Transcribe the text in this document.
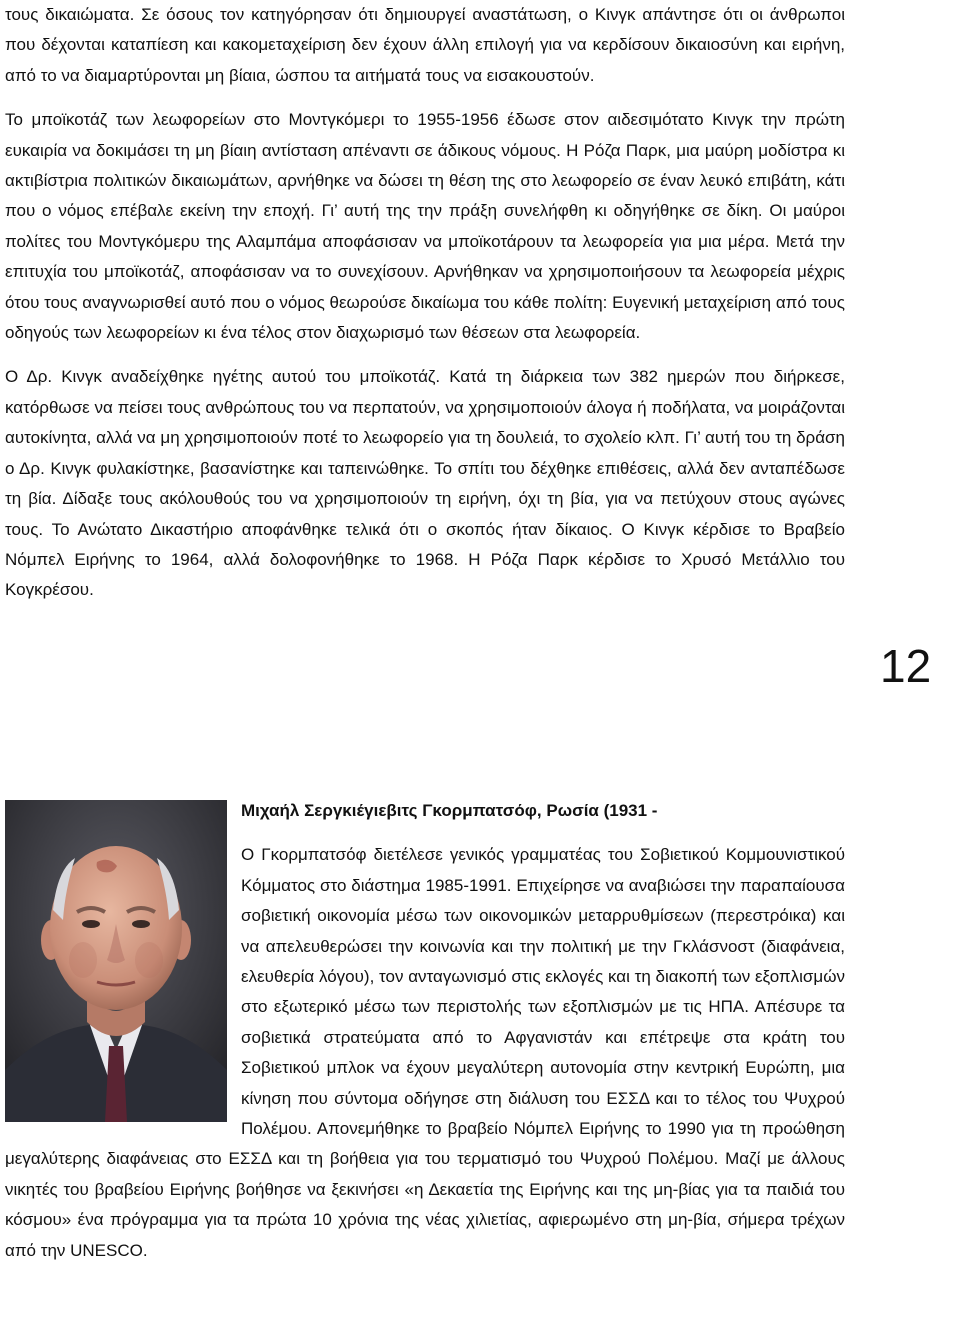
τους δικαιώματα. Σε όσους τον κατηγόρησαν ότι δημιουργεί αναστάτωση, ο Κινγκ απάντησε ότι οι άνθρωποι που δέχονται καταπίεση και κακομεταχείριση δεν έχουν άλλη επιλογή για να κερδίσουν δικαιοσύνη και ειρήνη, από το να διαμαρτύρονται μη βίαια, ώσπου τα αιτήματά τους να εισακουστούν.

Το μποϊκοτάζ των λεωφορείων στο Μοντγκόμερι το 1955-1956 έδωσε στον αιδεσιμότατο Κινγκ την πρώτη ευκαιρία να δοκιμάσει τη μη βίαιη αντίσταση απέναντι σε άδικους νόμους. Η Ρόζα Παρκ, μια μαύρη μοδίστρα κι ακτιβίστρια πολιτικών δικαιωμάτων, αρνήθηκε να δώσει τη θέση της στο λεωφορείο σε έναν λευκό επιβάτη, κάτι που ο νόμος επέβαλε εκείνη την εποχή. Γι’ αυτή της την πράξη συνελήφθη κι οδηγήθηκε σε δίκη. Οι μαύροι πολίτες του Μοντγκόμερυ της Αλαμπάμα αποφάσισαν να μποϊκοτάρουν τα λεωφορεία για μια μέρα. Μετά την επιτυχία του μποϊκοτάζ, αποφάσισαν να το συνεχίσουν. Αρνήθηκαν να χρησιμοποιήσουν τα λεωφορεία μέχρις ότου τους αναγνωρισθεί αυτό που ο νόμος θεωρούσε δικαίωμα του κάθε πολίτη: Ευγενική μεταχείριση από τους οδηγούς των λεωφορείων κι ένα τέλος στον διαχωρισμό των θέσεων στα λεωφορεία.

Ο Δρ. Κινγκ αναδείχθηκε ηγέτης αυτού του μποϊκοτάζ. Κατά τη διάρκεια των 382 ημερών που διήρκεσε, κατόρθωσε να πείσει τους ανθρώπους του να περπατούν, να χρησιμοποιούν άλογα ή ποδήλατα, να μοιράζονται αυτοκίνητα, αλλά να μη χρησιμοποιούν ποτέ το λεωφορείο για τη δουλειά, το σχολείο κλπ. Γι’ αυτή του τη δράση ο Δρ. Κινγκ φυλακίστηκε, βασανίστηκε και ταπεινώθηκε. Το σπίτι του δέχθηκε επιθέσεις, αλλά δεν ανταπέδωσε τη βία. Δίδαξε τους ακόλουθούς του να χρησιμοποιούν τη ειρήνη, όχι τη βία, για να πετύχουν στους αγώνες τους. Το Ανώτατο Δικαστήριο αποφάνθηκε τελικά ότι ο σκοπός ήταν δίκαιος. Ο Κινγκ κέρδισε το Βραβείο Νόμπελ Ειρήνης το 1964, αλλά δολοφονήθηκε το 1968. Η Ρόζα Παρκ κέρδισε το Χρυσό Μετάλλιο του Κογκρέσου.

12
Μιχαήλ Σεργκιέγιεβιτς Γκορμπατσόφ, Ρωσία (1931 -

Ο Γκορμπατσόφ διετέλεσε γενικός γραμματέας του Σοβιετικού Κομμουνιστικού Κόμματος στο διάστημα 1985-1991. Επιχείρησε να αναβιώσει την παραπαίουσα σοβιετική οικονομία μέσω των οικονομικών μεταρρυθμίσεων (περεστρόικα) και να απελευθερώσει την κοινωνία και την πολιτική με την Γκλάσνοστ (διαφάνεια, ελευθερία λόγου), τον ανταγωνισμό στις εκλογές και τη διακοπή των εξοπλισμών στο εξωτερικό μέσω των περιστολής των εξοπλισμών με τις ΗΠΑ. Απέσυρε τα σοβιετικά στρατεύματα από το Αφγανιστάν και επέτρεψε στα κράτη του Σοβιετικού μπλοκ να έχουν μεγαλύτερη αυτονομία στην κεντρική Ευρώπη, μια κίνηση που σύντομα οδήγησε στη διάλυση του ΕΣΣΔ και το τέλος του Ψυχρού Πολέμου. Απονεμήθηκε το βραβείο Νόμπελ Ειρήνης το 1990 για τη προώθηση μεγαλύτερης διαφάνειας στο ΕΣΣΔ και τη βοήθεια για του τερματισμό του Ψυχρού Πολέμου. Μαζί με άλλους νικητές του βραβείου Ειρήνης βοήθησε να ξεκινήσει «η Δεκαετία της Ειρήνης και της μη-βίας για τα παιδιά του κόσμου» ένα πρόγραμμα για τα πρώτα 10 χρόνια της νέας χιλιετίας, αφιερωμένο στη μη-βία, σήμερα τρέχων από την UNESCO.
